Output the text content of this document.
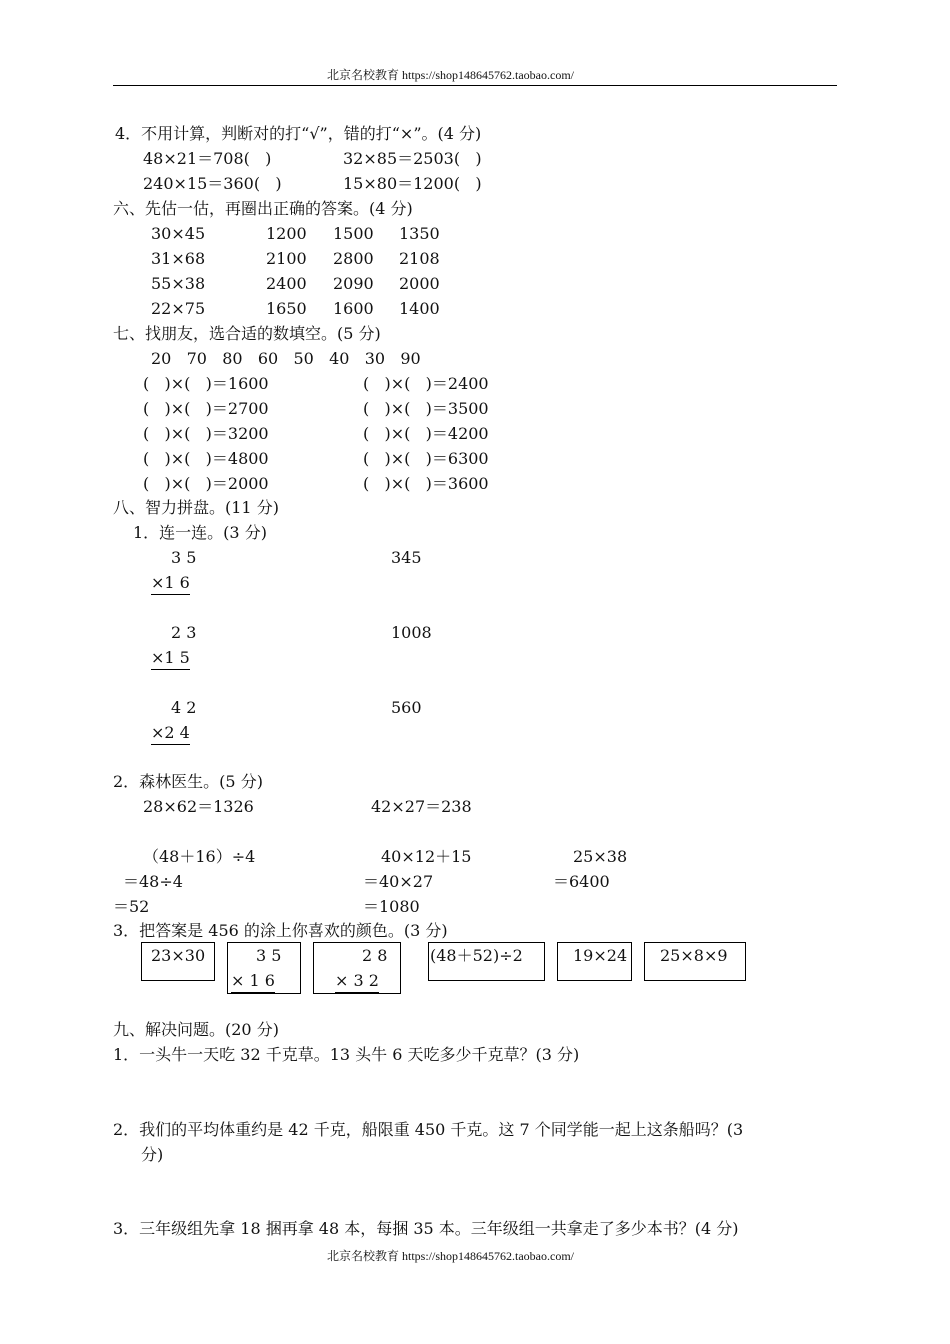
北京名校教育 https://shop148645762.taobao.com/
4．不用计算，判断对的打“√”，错的打“×”。(4 分)
48×21＝708(   )	32×85＝2503(   )
240×15＝360(   )	15×80＝1200(   )
六、先估一估，再圈出正确的答案。(4 分)
30×45	1200 1500 1350
31×68	2100 2800 2108
55×38	2400 2090 2000
22×75	1650 1600 1400
七、找朋友，选合适的数填空。(5 分)
20   70   80   60   50   40   30   90
(   )×(   )＝1600	(   )×(   )＝2400
(   )×(   )＝2700	(   )×(   )＝3500
(   )×(   )＝3200	(   )×(   )＝4200
(   )×(   )＝4800	(   )×(   )＝6300
(   )×(   )＝2000	(   )×(   )＝3600
八、智力拼盘。(11 分)
1．连一连。(3 分)
3 5
×1 6
345
2 3
×1 5
1008
4 2
×2 4
560
2．森林医生。(5 分)
28×62＝1326	42×27＝238
（48＋16）÷4
＝48÷4
＝52
40×12＋15
＝40×27
＝1080
25×38
＝6400
3．把答案是 456 的涂上你喜欢的颜色。(3 分)
23×30	3 5
× 1 6
2 8
× 3 2
(48＋52)÷2	19×24 25×8×9
九、解决问题。(20 分)
1．一头牛一天吃 32 千克草。13 头牛 6 天吃多少千克草？(3 分)
2．我们的平均体重约是 42 千克，船限重 450 千克。这 7 个同学能一起上这条船吗？(3
分)
3．三年级组先拿 18 捆再拿 48 本，每捆 35 本。三年级组一共拿走了多少本书？(4 分)
北京名校教育 https://shop148645762.taobao.com/
